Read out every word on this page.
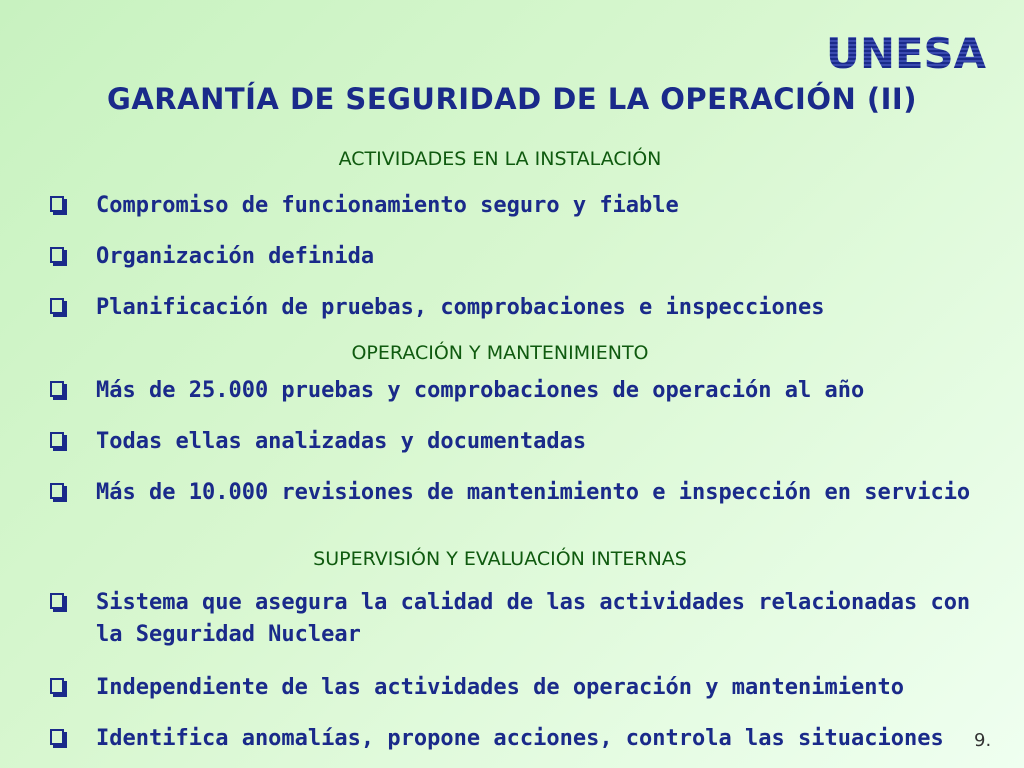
UNESA
GARANTÍA DE SEGURIDAD DE LA OPERACIÓN (II)
ACTIVIDADES EN LA INSTALACIÓN
Compromiso de funcionamiento seguro y fiable
Organización definida
Planificación de pruebas, comprobaciones e inspecciones
OPERACIÓN Y MANTENIMIENTO
Más de 25.000 pruebas y comprobaciones de operación al año
Todas ellas analizadas y documentadas
Más de 10.000 revisiones de mantenimiento e inspección en servicio
SUPERVISIÓN Y EVALUACIÓN INTERNAS
Sistema que asegura la calidad de las actividades relacionadas con la Seguridad Nuclear
Independiente de las actividades de operación y mantenimiento
Identifica anomalías, propone acciones, controla las situaciones	9.
